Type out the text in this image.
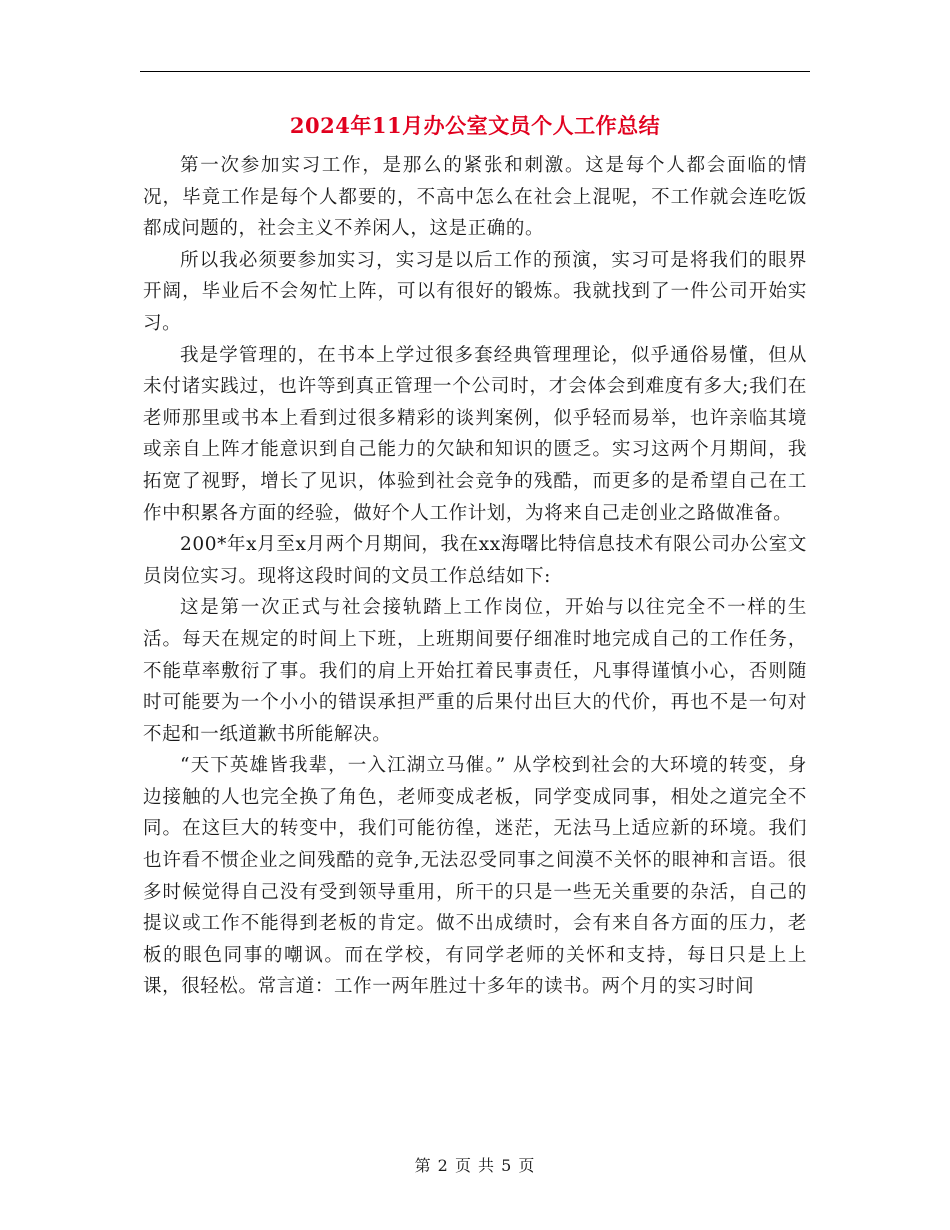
2024年11月办公室文员个人工作总结

第一次参加实习工作，是那么的紧张和刺激。这是每个人都会面临的情况，毕竟工作是每个人都要的，不高中怎么在社会上混呢，不工作就会连吃饭都成问题的，社会主义不养闲人，这是正确的。

所以我必须要参加实习，实习是以后工作的预演，实习可是将我们的眼界开阔，毕业后不会匆忙上阵，可以有很好的锻炼。我就找到了一件公司开始实习。

我是学管理的，在书本上学过很多套经典管理理论，似乎通俗易懂，但从未付诸实践过，也许等到真正管理一个公司时，才会体会到难度有多大;我们在老师那里或书本上看到过很多精彩的谈判案例，似乎轻而易举，也许亲临其境或亲自上阵才能意识到自己能力的欠缺和知识的匮乏。实习这两个月期间，我拓宽了视野，增长了见识，体验到社会竞争的残酷，而更多的是希望自己在工作中积累各方面的经验，做好个人工作计划，为将来自己走创业之路做准备。

200*年x月至x月两个月期间，我在xx海曙比特信息技术有限公司办公室文员岗位实习。现将这段时间的文员工作总结如下:

这是第一次正式与社会接轨踏上工作岗位，开始与以往完全不一样的生活。每天在规定的时间上下班，上班期间要仔细准时地完成自己的工作任务，不能草率敷衍了事。我们的肩上开始扛着民事责任，凡事得谨慎小心，否则随时可能要为一个小小的错误承担严重的后果付出巨大的代价，再也不是一句对不起和一纸道歉书所能解决。

“天下英雄皆我辈，一入江湖立马催。” 从学校到社会的大环境的转变，身边接触的人也完全换了角色，老师变成老板，同学变成同事，相处之道完全不同。在这巨大的转变中，我们可能彷徨，迷茫，无法马上适应新的环境。我们也许看不惯企业之间残酷的竞争,无法忍受同事之间漠不关怀的眼神和言语。很多时候觉得自己没有受到领导重用，所干的只是一些无关重要的杂活，自己的提议或工作不能得到老板的肯定。做不出成绩时，会有来自各方面的压力，老板的眼色同事的嘲讽。而在学校，有同学老师的关怀和支持，每日只是上上课，很轻松。常言道：工作一两年胜过十多年的读书。两个月的实习时间

第 2 页 共 5 页
